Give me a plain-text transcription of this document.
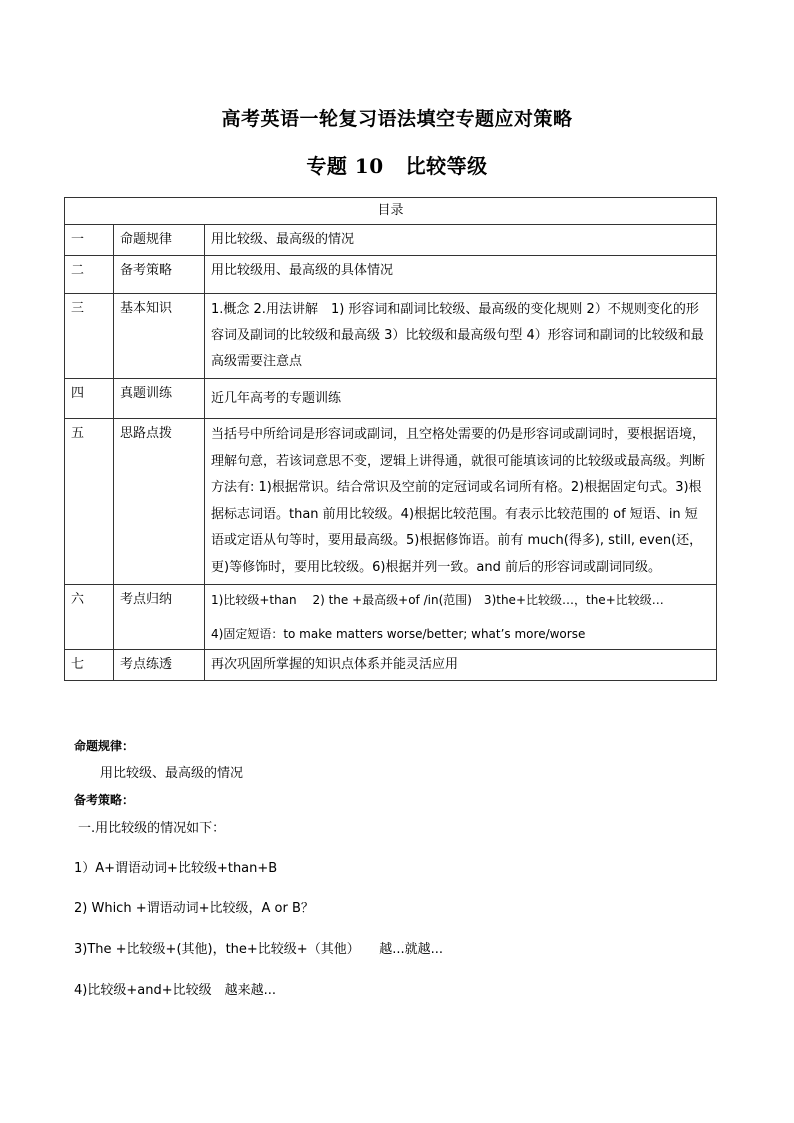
高考英语一轮复习语法填空专题应对策略
专题 10 比较等级
目录		
一	命题规律	用比较级、最高级的情况

二	备考策略	用比较级用、最高级的具体情况

三	基本知识	1.概念 2.用法讲解　1) 形容词和副词比较级、最高级的变化规则 2）不规则变化的形容词及副词的比较级和最高级 3）比较级和最高级句型 4）形容词和副词的比较级和最高级需要注意点

四	真题训练	近几年高考的专题训练

五	思路点拨	当括号中所给词是形容词或副词，且空格处需要的仍是形容词或副词时，要根据语境，理解句意，若该词意思不变，逻辑上讲得通，就很可能填该词的比较级或最高级。判断方法有: 1)根据常识。结合常识及空前的定冠词或名词所有格。2)根据固定句式。3)根据标志词语。than 前用比较级。4)根据比较范围。有表示比较范围的 of 短语、in 短语或定语从句等时，要用最高级。5)根据修饰语。前有 much(得多), still, even(还，更)等修饰时，要用比较级。6)根据并列一致。and 前后的形容词或副词同级。

六	考点归纳	1)比较级+than　 2) the +最高级+of /in(范围)　3)the+比较级…，the+比较级…
4)固定短语：to make matters worse/better; what’s more/worse

七	考点练透	再次巩固所掌握的知识点体系并能灵活应用
命题规律：
用比较级、最高级的情况
备考策略：
一.用比较级的情况如下：
1）A+谓语动词+比较级+than+B
2) Which +谓语动词+比较级，A or B？
3)The +比较级+(其他)，the+比较级+（其他）　　越...就越...
4)比较级+and+比较级　越来越...
